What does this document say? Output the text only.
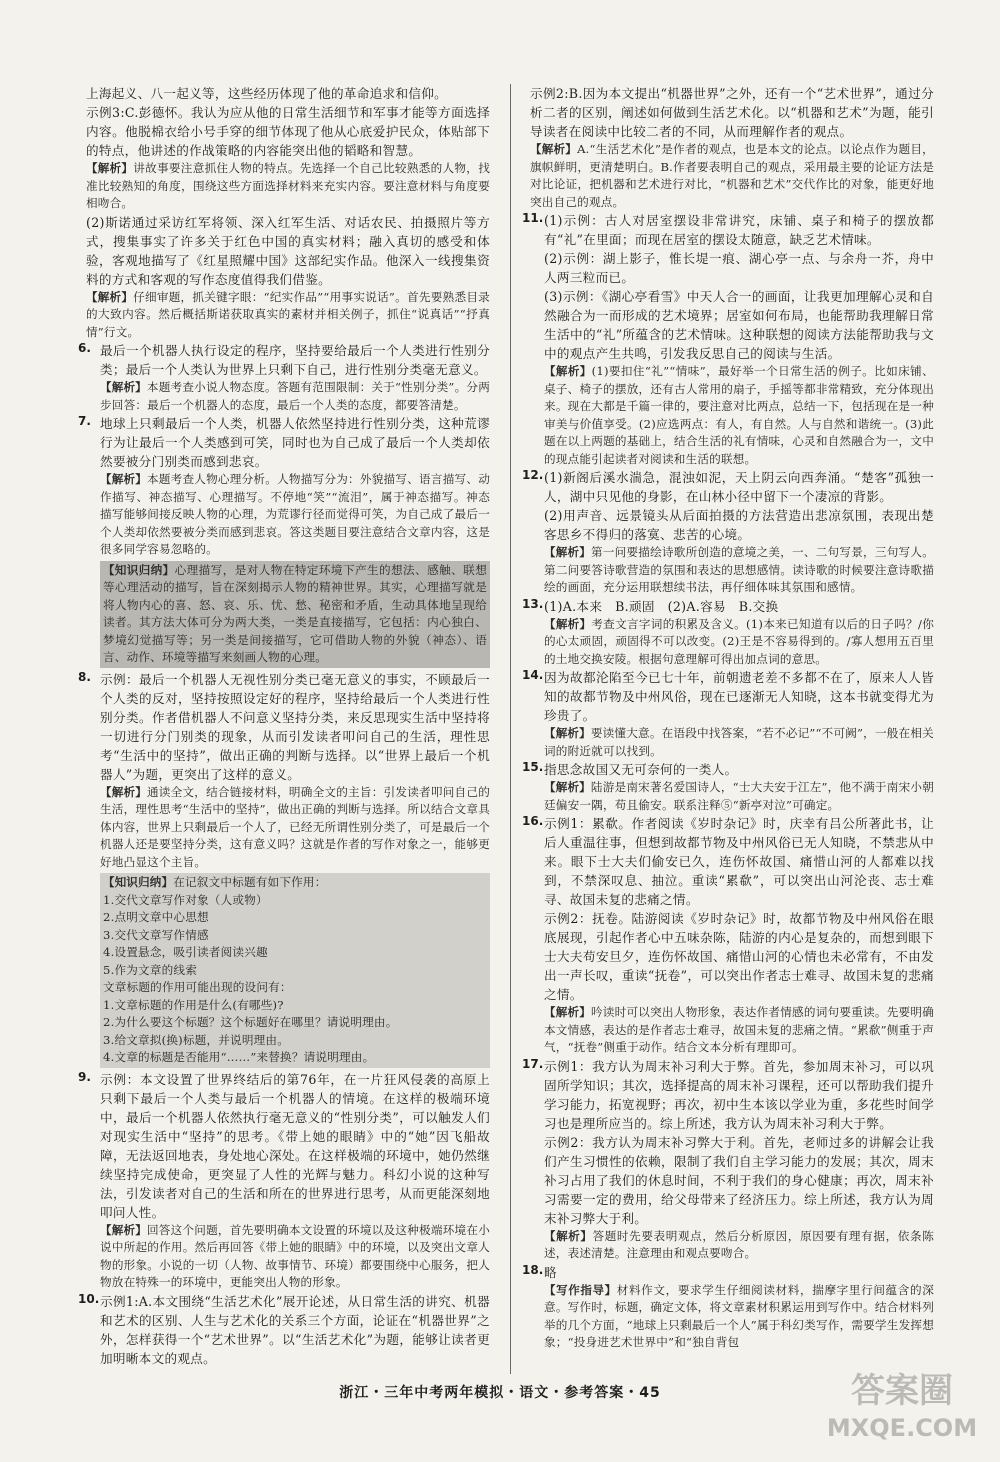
上海起义、八一起义等，这些经历体现了他的革命追求和信仰。

示例3:C.彭德怀。我认为应从他的日常生活细节和军事才能等方面选择内容。他脱棉衣给小号手穿的细节体现了他从心底爱护民众，体贴部下的特点，他讲述的作战策略的内容能突出他的韬略和智慧。

【解析】讲故事要注意抓住人物的特点。先选择一个自己比较熟悉的人物，找准比较熟知的角度，围绕这些方面选择材料来充实内容。要注意材料与角度要相吻合。

(2)斯诺通过采访红军将领、深入红军生活、对话农民、拍摄照片等方式，搜集事实了许多关于红色中国的真实材料；融入真切的感受和体验，客观地描写了《红星照耀中国》这部纪实作品。他深入一线搜集资料的方式和客观的写作态度值得我们借鉴。

【解析】仔细审题，抓关键字眼：“纪实作品”“用事实说话”。首先要熟悉目录的大致内容。然后概括斯诺获取真实的素材并相关例子，抓住“说真话”“抒真情”行文。

6. 最后一个机器人执行设定的程序，坚持要给最后一个人类进行性别分类；最后一个人类认为世界上只剩下自己，进行性别分类毫无意义。

【解析】本题考查小说人物态度。答题有范围限制：关于“性别分类”。分两步回答：最后一个机器人的态度，最后一个人类的态度，都要答清楚。

7. 地球上只剩最后一个人类，机器人依然坚持进行性别分类，这种荒谬行为让最后一个人类感到可笑，同时也为自己成了最后一个人类却依然要被分门别类而感到悲哀。

【解析】本题考查人物心理分析。人物描写分为：外貌描写、语言描写、动作描写、神态描写、心理描写。不停地“笑”“流泪”，属于神态描写。神态描写能够间接反映人物的心理，为荒谬行径而觉得可笑，为自己成了最后一个人类却依然要被分类而感到悲哀。答这类题目要注意结合文章内容，这是很多同学容易忽略的。

【知识归纳】心理描写，是对人物在特定环境下产生的想法、感触、联想等心理活动的描写，旨在深刻揭示人物的精神世界。其实，心理描写就是将人物内心的喜、怒、哀、乐、忧、愁、秘密和矛盾，生动具体地呈现给读者。其方法大体可分为两大类，一类是直接描写，它包括：内心独白、梦境幻觉描写等；另一类是间接描写，它可借助人物的外貌（神态）、语言、动作、环境等描写来刻画人物的心理。

8. 示例：最后一个机器人无视性别分类已毫无意义的事实，不顾最后一个人类的反对，坚持按照设定好的程序，坚持给最后一个人类进行性别分类。作者借机器人不问意义坚持分类，来反思现实生活中坚持将一切进行分门别类的现象，从而引发读者叩问自己的生活，理性思考“生活中的坚持”，做出正确的判断与选择。以“世界上最后一个机器人”为题，更突出了这样的意义。

【解析】通读全文，结合链接材料，明确全文的主旨：引发读者叩问自己的生活，理性思考“生活中的坚持”，做出正确的判断与选择。所以结合文章具体内容，世界上只剩最后一个人了，已经无所谓性别分类了，可是最后一个机器人还是要坚持分类，这有意义吗？这就是作者的写作对象之一，能够更好地凸显这个主旨。

【知识归纳】在记叙文中标题有如下作用：
1.交代文章写作对象（人或物）
2.点明文章中心思想
3.交代文章写作情感
4.设置悬念，吸引读者阅读兴趣
5.作为文章的线索
文章标题的作用可能出现的设问有：
1.文章标题的作用是什么(有哪些)?
2.为什么要这个标题？这个标题好在哪里？请说明理由。
3.给文章拟(换)标题，并说明理由。
4.文章的标题是否能用“……”来替换？请说明理由。
9. 示例：本文设置了世界终结后的第76年，在一片狂风侵袭的高原上只剩下最后一个人类与最后一个机器人的情境。在这样的极端环境中，最后一个机器人依然执行毫无意义的“性别分类”，可以触发人们对现实生活中“坚持”的思考。《带上她的眼睛》中的“她”因飞船故障，无法返回地表，身处地心深处。在这样极端的环境中，她仍然继续坚持完成使命，更突显了人性的光辉与魅力。科幻小说的这种写法，引发读者对自己的生活和所在的世界进行思考，从而更能深刻地叩问人性。

【解析】回答这个问题，首先要明确本文设置的环境以及这种极端环境在小说中所起的作用。然后再回答《带上她的眼睛》中的环境，以及突出文章人物的形象。小说的一切（人物、故事情节、环境）都要围绕中心服务，把人物放在特殊一的环境中，更能突出人物的形象。

10. 示例1:A.本文围绕“生活艺术化”展开论述，从日常生活的讲究、机器和艺术的区别、人生与艺术化的关系三个方面，论证在“机器世界”之外，怎样获得一个“艺术世界”。以“生活艺术化”为题，能够让读者更加明晰本文的观点。

示例2:B.因为本文提出“机器世界”之外，还有一个“艺术世界”，通过分析二者的区别，阐述如何做到生活艺术化。以“机器和艺术”为题，能引导读者在阅读中比较二者的不同，从而理解作者的观点。

【解析】A.“生活艺术化”是作者的观点，也是本文的论点。以论点作为题目，旗帜鲜明，更清楚明白。B.作者要表明自己的观点，采用最主要的论证方法是对比论证，把机器和艺术进行对比，“机器和艺术”交代作比的对象，能更好地突出自己的观点。

11. (1)示例：古人对居室摆设非常讲究，床铺、桌子和椅子的摆放都有“礼”在里面；而现在居室的摆设太随意，缺乏艺术情味。

(2)示例：湖上影子，惟长堤一痕、湖心亭一点、与余舟一芥，舟中人两三粒而已。

(3)示例：《湖心亭看雪》中天人合一的画面，让我更加理解心灵和自然融合为一而形成的艺术境界；居室如何布局，也能帮助我理解日常生活中的“礼”所蕴含的艺术情味。这种联想的阅读方法能帮助我与文中的观点产生共鸣，引发我反思自己的阅读与生活。

【解析】(1)要扣住“礼”“情味”，最好举一个日常生活的例子。比如床铺、桌子、椅子的摆放，还有古人常用的扇子，手摇等都非常精致，充分体现出来。现在大都是千篇一律的，要注意对比两点，总结一下，包括现在是一种审美与价值享受。(2)应选两点：有人，有自然。人与自然和谐统一。(3)此题在以上两题的基础上，结合生活的礼有情味，心灵和自然融合为一，文中的现点能引起读者对阅读和生活的联想。

12. (1)新阁后溪水湍急，混浊如泥，天上阴云向西奔涌。“楚客”孤独一人，湖中只见他的身影，在山林小径中留下一个凄凉的背影。

(2)用声音、远景镜头从后面拍摄的方法营造出悲凉氛围，表现出楚客思乡不得归的落寞、悲苦的心境。

【解析】第一问要描绘诗歌所创造的意境之美，一、二句写景，三句写人。第二问要答诗歌营造的氛围和表达的思想感情。读诗歌的时候要注意诗歌描绘的画面，充分运用联想续书法，再仔细体味其氛围和感情。

13. (1)A.本来　B.顽固　(2)A.容易　B.交换

【解析】考查文言字词的积累及含义。(1)本来已知道有以后的日子吗？/你的心太顽固，顽固得不可以改变。(2)王是不容易得到的。/寡人想用五百里的土地交换安陵。根据句意理解可得出加点词的意思。

14. 因为故都沦陷至今已七十年，前朝遗老差不多都不在了，原来人人皆知的故都节物及中州风俗，现在已逐渐无人知晓，这本书就变得尤为珍贵了。

【解析】要读懂大意。在语段中找答案，“若不必记”“不可阙”，一般在相关词的附近就可以找到。

15. 指思念故国又无可奈何的一类人。

【解析】陆游是南宋著名爱国诗人，“士大夫安于江左”，他不满于南宋小朝廷偏安一隅，苟且偷安。联系注释⑤“新亭对泣”可确定。

16. 示例1：累欷。作者阅读《岁时杂记》时，庆幸有吕公所著此书，让后人重温往事，但想到故都节物及中州风俗已无人知晓，不禁悲从中来。眼下士大夫们偷安已久，连伤怀故国、痛惜山河的人都难以找到，不禁深叹息、抽泣。重读“累欷”，可以突出山河沦丧、志士难寻、故国未复的悲痛之情。

示例2：抚卷。陆游阅读《岁时杂记》时，故都节物及中州风俗在眼底展现，引起作者心中五味杂陈，陆游的内心是复杂的，而想到眼下士大夫苟安旦夕，连伤怀故国、痛惜山河的心情也未必常有，不由发出一声长叹，重读“抚卷”，可以突出作者志士难寻、故国未复的悲痛之情。

【解析】吟读时可以突出人物形象，表达作者情感的词句要重读。先要明确本文情感，表达的是作者志士难寻，故国未复的悲痛之情。“累欷”侧重于声气，“抚卷”侧重于动作。结合文本分析有理即可。

17. 示例1：我方认为周末补习利大于弊。首先，参加周末补习，可以巩固所学知识；其次，选择提高的周末补习课程，还可以帮助我们提升学习能力，拓宽视野；再次，初中生本该以学业为重，多花些时间学习也是理所应当的。综上所述，我方认为周末补习利大于弊。

示例2：我方认为周末补习弊大于利。首先，老师过多的讲解会让我们产生习惯性的依赖，限制了我们自主学习能力的发展；其次，周末补习占用了我们的休息时间，不利于我们的身心健康；再次，周末补习需要一定的费用，给父母带来了经济压力。综上所述，我方认为周末补习弊大于利。

【解析】答题时先要表明观点，然后分析原因，原因要有理有据，依条陈述，表述清楚。注意理由和观点要吻合。

18. 略

【写作指导】材料作文，要求学生仔细阅读材料，揣摩字里行间蕴含的深意。写作时，标题，确定文体，将文章素材积累运用到写作中。结合材料列举的几个方面，“地球上只剩最后一个人”属于科幻类写作，需要学生发挥想象；“投身进艺术世界中”和“独自背包

浙江・三年中考两年模拟・语文・参考答案・45	答案圈
MXQE.COM
